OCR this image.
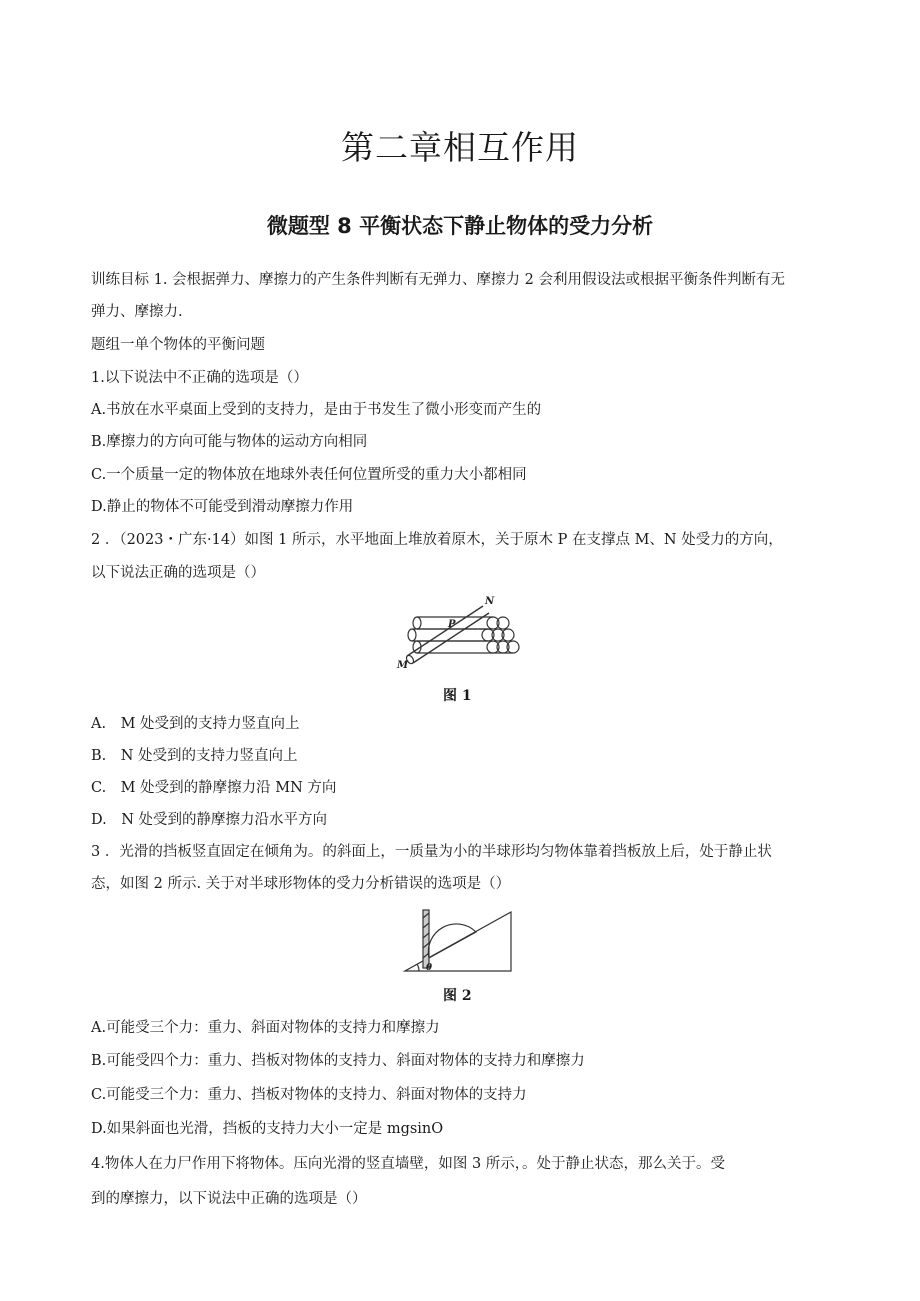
第二章相互作用
微题型 8 平衡状态下静止物体的受力分析
训练目标 1. 会根据弹力、摩擦力的产生条件判断有无弹力、摩擦力 2 会利用假设法或根据平衡条件判断有无
弹力、摩擦力.
题组一单个物体的平衡问题
1.以下说法中不正确的选项是（）
A.书放在水平桌面上受到的支持力，是由于书发生了微小形变而产生的
B.摩擦力的方向可能与物体的运动方向相同
C.一个质量一定的物体放在地球外表任何位置所受的重力大小都相同
D.静止的物体不可能受到滑动摩擦力作用
2 ．（2023・广东·14）如图 1 所示，水平地面上堆放着原木，关于原木 P 在支撑点 M、N 处受力的方向，
以下说法正确的选项是（）
M
N
P
图 1
A.　M 处受到的支持力竖直向上
B.　N 处受到的支持力竖直向上
C.　M 处受到的静摩擦力沿 MN 方向
D.　N 处受到的静摩擦力沿水平方向
3 ．光滑的挡板竖直固定在倾角为。的斜面上，一质量为小的半球形均匀物体靠着挡板放上后，处于静止状
态，如图 2 所示. 关于对半球形物体的受力分析错误的选项是（）
θ
图 2
A.可能受三个力：重力、斜面对物体的支持力和摩擦力
B.可能受四个力：重力、挡板对物体的支持力、斜面对物体的支持力和摩擦力
C.可能受三个力：重力、挡板对物体的支持力、斜面对物体的支持力
D.如果斜面也光滑，挡板的支持力大小一定是 mgsinO
4.物体人在力尸作用下将物体。压向光滑的竖直墙壁，如图 3 所示，。处于静止状态，那么关于。受
到的摩擦力，以下说法中正确的选项是（）
